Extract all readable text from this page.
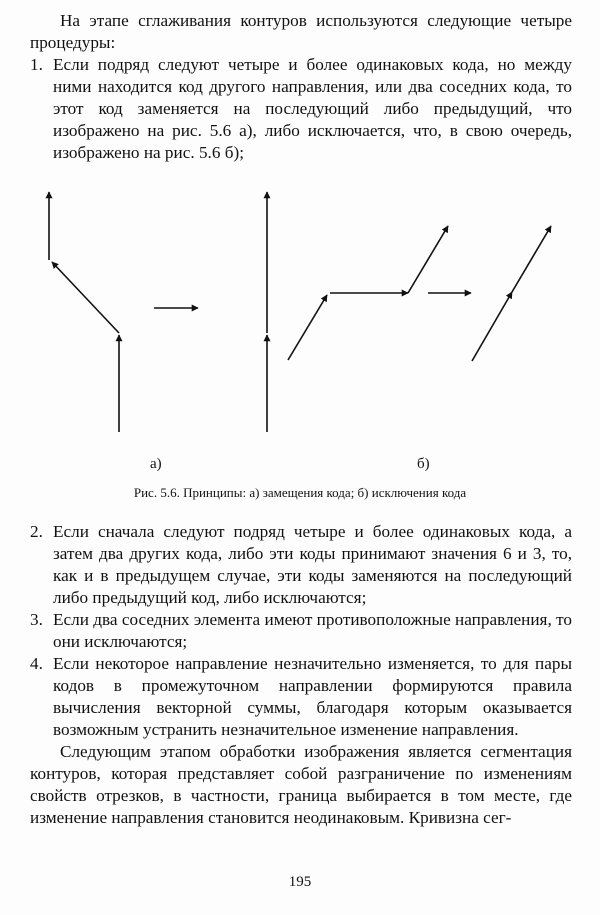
На этапе сглаживания контуров используются следующие четыре процедуры:
1. Если подряд следуют четыре и более одинаковых кода, но между ними находится код другого направления, или два соседних кода, то этот код заменяется на последующий либо предыдущий, что изображено на рис. 5.6 а), либо исключается, что, в свою очередь, изображено на рис. 5.6 б);
а)	б)
Рис. 5.6. Принципы: а) замещения кода; б) исключения кода
2. Если сначала следуют подряд четыре и более одинаковых кода, а затем два других кода, либо эти коды принимают значения 6 и 3, то, как и в предыдущем случае, эти коды заменяются на последующий либо предыдущий код, либо исключаются;
3. Если два соседних элемента имеют противоположные направления, то они исключаются;
4. Если некоторое направление незначительно изменяется, то для пары кодов в промежуточном направлении формируются правила вычисления векторной суммы, благодаря которым оказывается возможным устранить незначительное изменение направления.
Следующим этапом обработки изображения является сегментация контуров, которая представляет собой разграничение по изменениям свойств отрезков, в частности, граница выбирается в том месте, где изменение направления становится неодинаковым. Кривизна сег-
195
